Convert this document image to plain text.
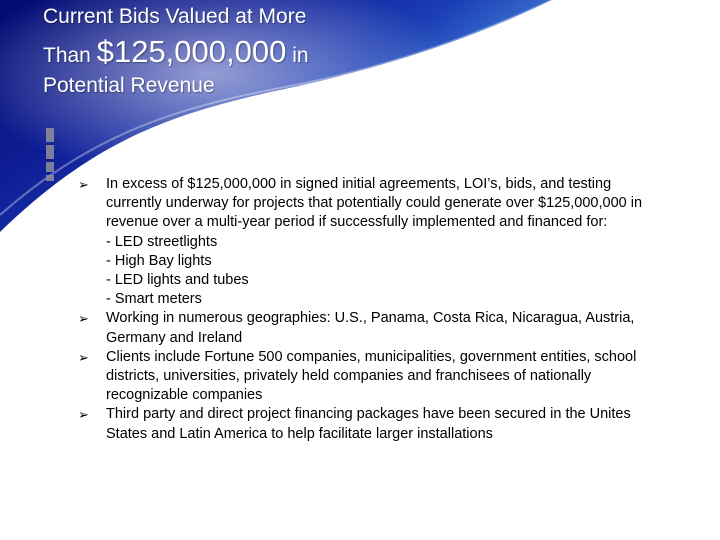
Current Bids Valued at More
Than $125,000,000 in
Potential Revenue
➢	In excess of $125,000,000 in signed initial agreements, LOI’s, bids, and testing currently underway for projects that potentially could generate over $125,000,000 in revenue over a multi-year period if successfully implemented and financed for:
- LED streetlights
- High Bay lights
- LED lights and tubes
- Smart meters
➢	Working in numerous geographies: U.S., Panama, Costa Rica, Nicaragua, Austria, Germany and Ireland
➢	Clients include Fortune 500 companies, municipalities, government entities, school districts, universities, privately held companies and franchisees of nationally recognizable companies
➢	Third party and direct project financing packages have been secured in the Unites States and Latin America to help facilitate larger installations
